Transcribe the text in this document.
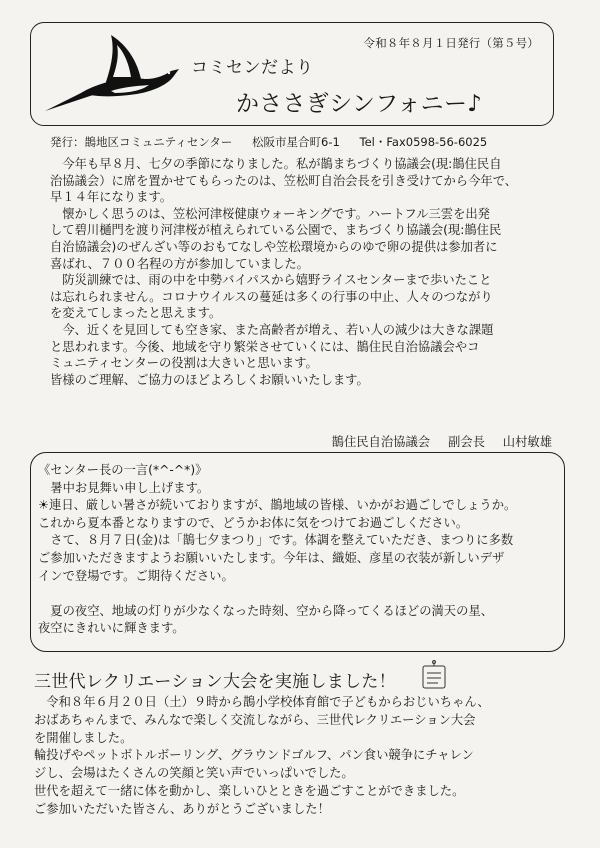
令和８年８月１日発行（第５号）
コミセンだより
かささぎシンフォニー♪
発行：鵲地区コミュニティセンター 松阪市星合町6-1 Tel・Fax0598-56-6025

　今年も早８月、七夕の季節になりました。私が鵲まちづくり協議会(現:鵲住民自

治協議会）に席を置かせてもらったのは、笠松町自治会長を引き受けてから今年で、

早１４年になります。

　懐かしく思うのは、笠松河津桜健康ウォーキングです。ハートフル三雲を出発

して碧川樋門を渡り河津桜が植えられている公園で、まちづくり協議会(現:鵲住民

自治協議会)のぜんざい等のおもてなしや笠松環境からのゆで卵の提供は参加者に

喜ばれ、７００名程の方が参加していました。

　防災訓練では、雨の中を中勢バイパスから嬉野ライスセンターまで歩いたこと

は忘れられません。コロナウイルスの蔓延は多くの行事の中止、人々のつながり

を変えてしまったと思えます。

　今、近くを見回しても空き家、また高齢者が増え、若い人の減少は大きな課題

と思われます。今後、地域を守り繁栄させていくには、鵲住民自治協議会やコ

ミュニティセンターの役割は大きいと思います。

皆様のご理解、ご協力のほどよろしくお願いいたします。

鵲住民自治協議会 副会長 山村敏雄

《センター長の一言(*^-^*)》

　暑中お見舞い申し上げます。

☀連日、厳しい暑さが続いておりますが、鵲地域の皆様、いかがお過ごしでしょうか。

これから夏本番となりますので、どうかお体に気をつけてお過ごしください。

　さて、８月７日(金)は「鵲七夕まつり」です。体調を整えていただき、まつりに多数

ご参加いただきますようお願いいたします。今年は、織姫、彦星の衣装が新しいデザ

インで登場です。ご期待ください。

　夏の夜空、地域の灯りが少なくなった時刻、空から降ってくるほどの満天の星、

夜空にきれいに輝きます。

三世代レクリエーション大会を実施しました！

　令和８年６月２０日（土）９時から鵲小学校体育館で子どもからおじいちゃん、

おばあちゃんまで、みんなで楽しく交流しながら、三世代レクリエーション大会

を開催しました。

輪投げやペットボトルボーリング、グラウンドゴルフ、パン食い競争にチャレン

ジし、会場はたくさんの笑顔と笑い声でいっぱいでした。

世代を超えて一緒に体を動かし、楽しいひとときを過ごすことができました。

ご参加いただいた皆さん、ありがとうございました！
